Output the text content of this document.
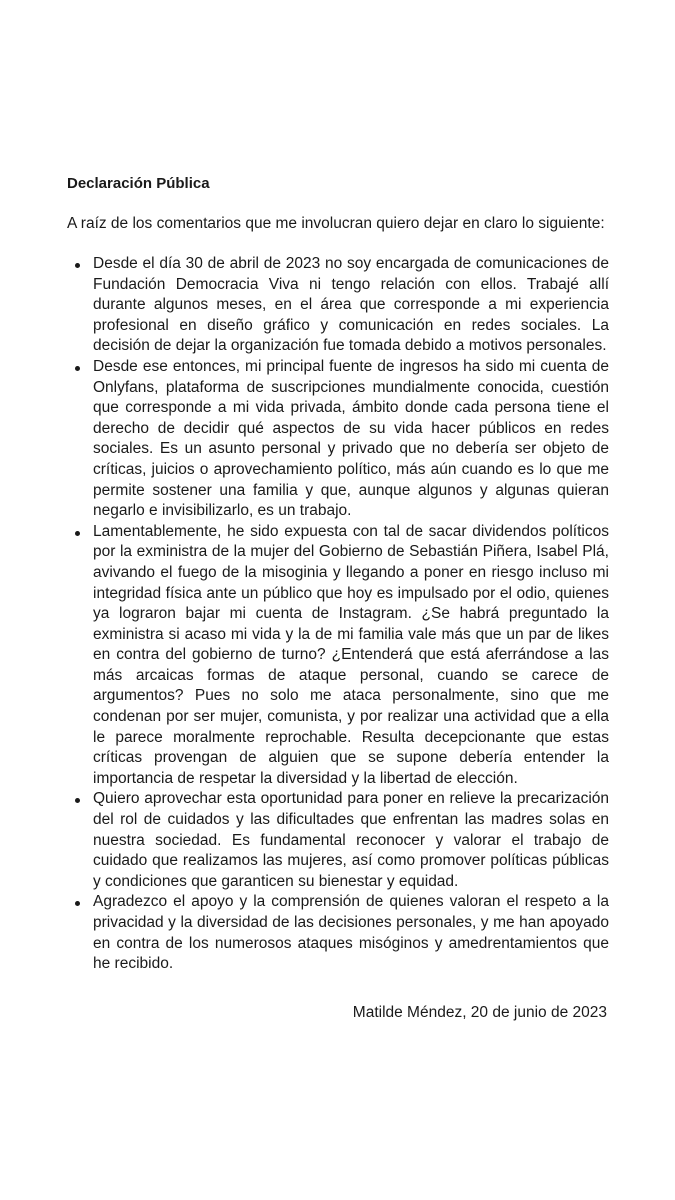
Declaración Pública
A raíz de los comentarios que me involucran quiero dejar en claro lo siguiente:
Desde el día 30 de abril de 2023 no soy encargada de comunicaciones de Fundación Democracia Viva ni tengo relación con ellos. Trabajé allí durante algunos meses, en el área que corresponde a mi experiencia profesional en diseño gráfico y comunicación en redes sociales. La decisión de dejar la organización fue tomada debido a motivos personales.
Desde ese entonces, mi principal fuente de ingresos ha sido mi cuenta de Onlyfans, plataforma de suscripciones mundialmente conocida, cuestión que corresponde a mi vida privada, ámbito donde cada persona tiene el derecho de decidir qué aspectos de su vida hacer públicos en redes sociales. Es un asunto personal y privado que no debería ser objeto de críticas, juicios o aprovechamiento político, más aún cuando es lo que me permite sostener una familia y que, aunque algunos y algunas quieran negarlo e invisibilizarlo, es un trabajo.
Lamentablemente, he sido expuesta con tal de sacar dividendos políticos por la exministra de la mujer del Gobierno de Sebastián Piñera, Isabel Plá, avivando el fuego de la misoginia y llegando a poner en riesgo incluso mi integridad física ante un público que hoy es impulsado por el odio, quienes ya lograron bajar mi cuenta de Instagram. ¿Se habrá preguntado la exministra si acaso mi vida y la de mi familia vale más que un par de likes en contra del gobierno de turno? ¿Entenderá que está aferrándose a las más arcaicas formas de ataque personal, cuando se carece de argumentos? Pues no solo me ataca personalmente, sino que me condenan por ser mujer, comunista, y por realizar una actividad que a ella le parece moralmente reprochable. Resulta decepcionante que estas críticas provengan de alguien que se supone debería entender la importancia de respetar la diversidad y la libertad de elección.
Quiero aprovechar esta oportunidad para poner en relieve la precarización del rol de cuidados y las dificultades que enfrentan las madres solas en nuestra sociedad. Es fundamental reconocer y valorar el trabajo de cuidado que realizamos las mujeres, así como promover políticas públicas y condiciones que garanticen su bienestar y equidad.
Agradezco el apoyo y la comprensión de quienes valoran el respeto a la privacidad y la diversidad de las decisiones personales, y me han apoyado en contra de los numerosos ataques misóginos y amedrentamientos que he recibido.
Matilde Méndez, 20 de junio de 2023
